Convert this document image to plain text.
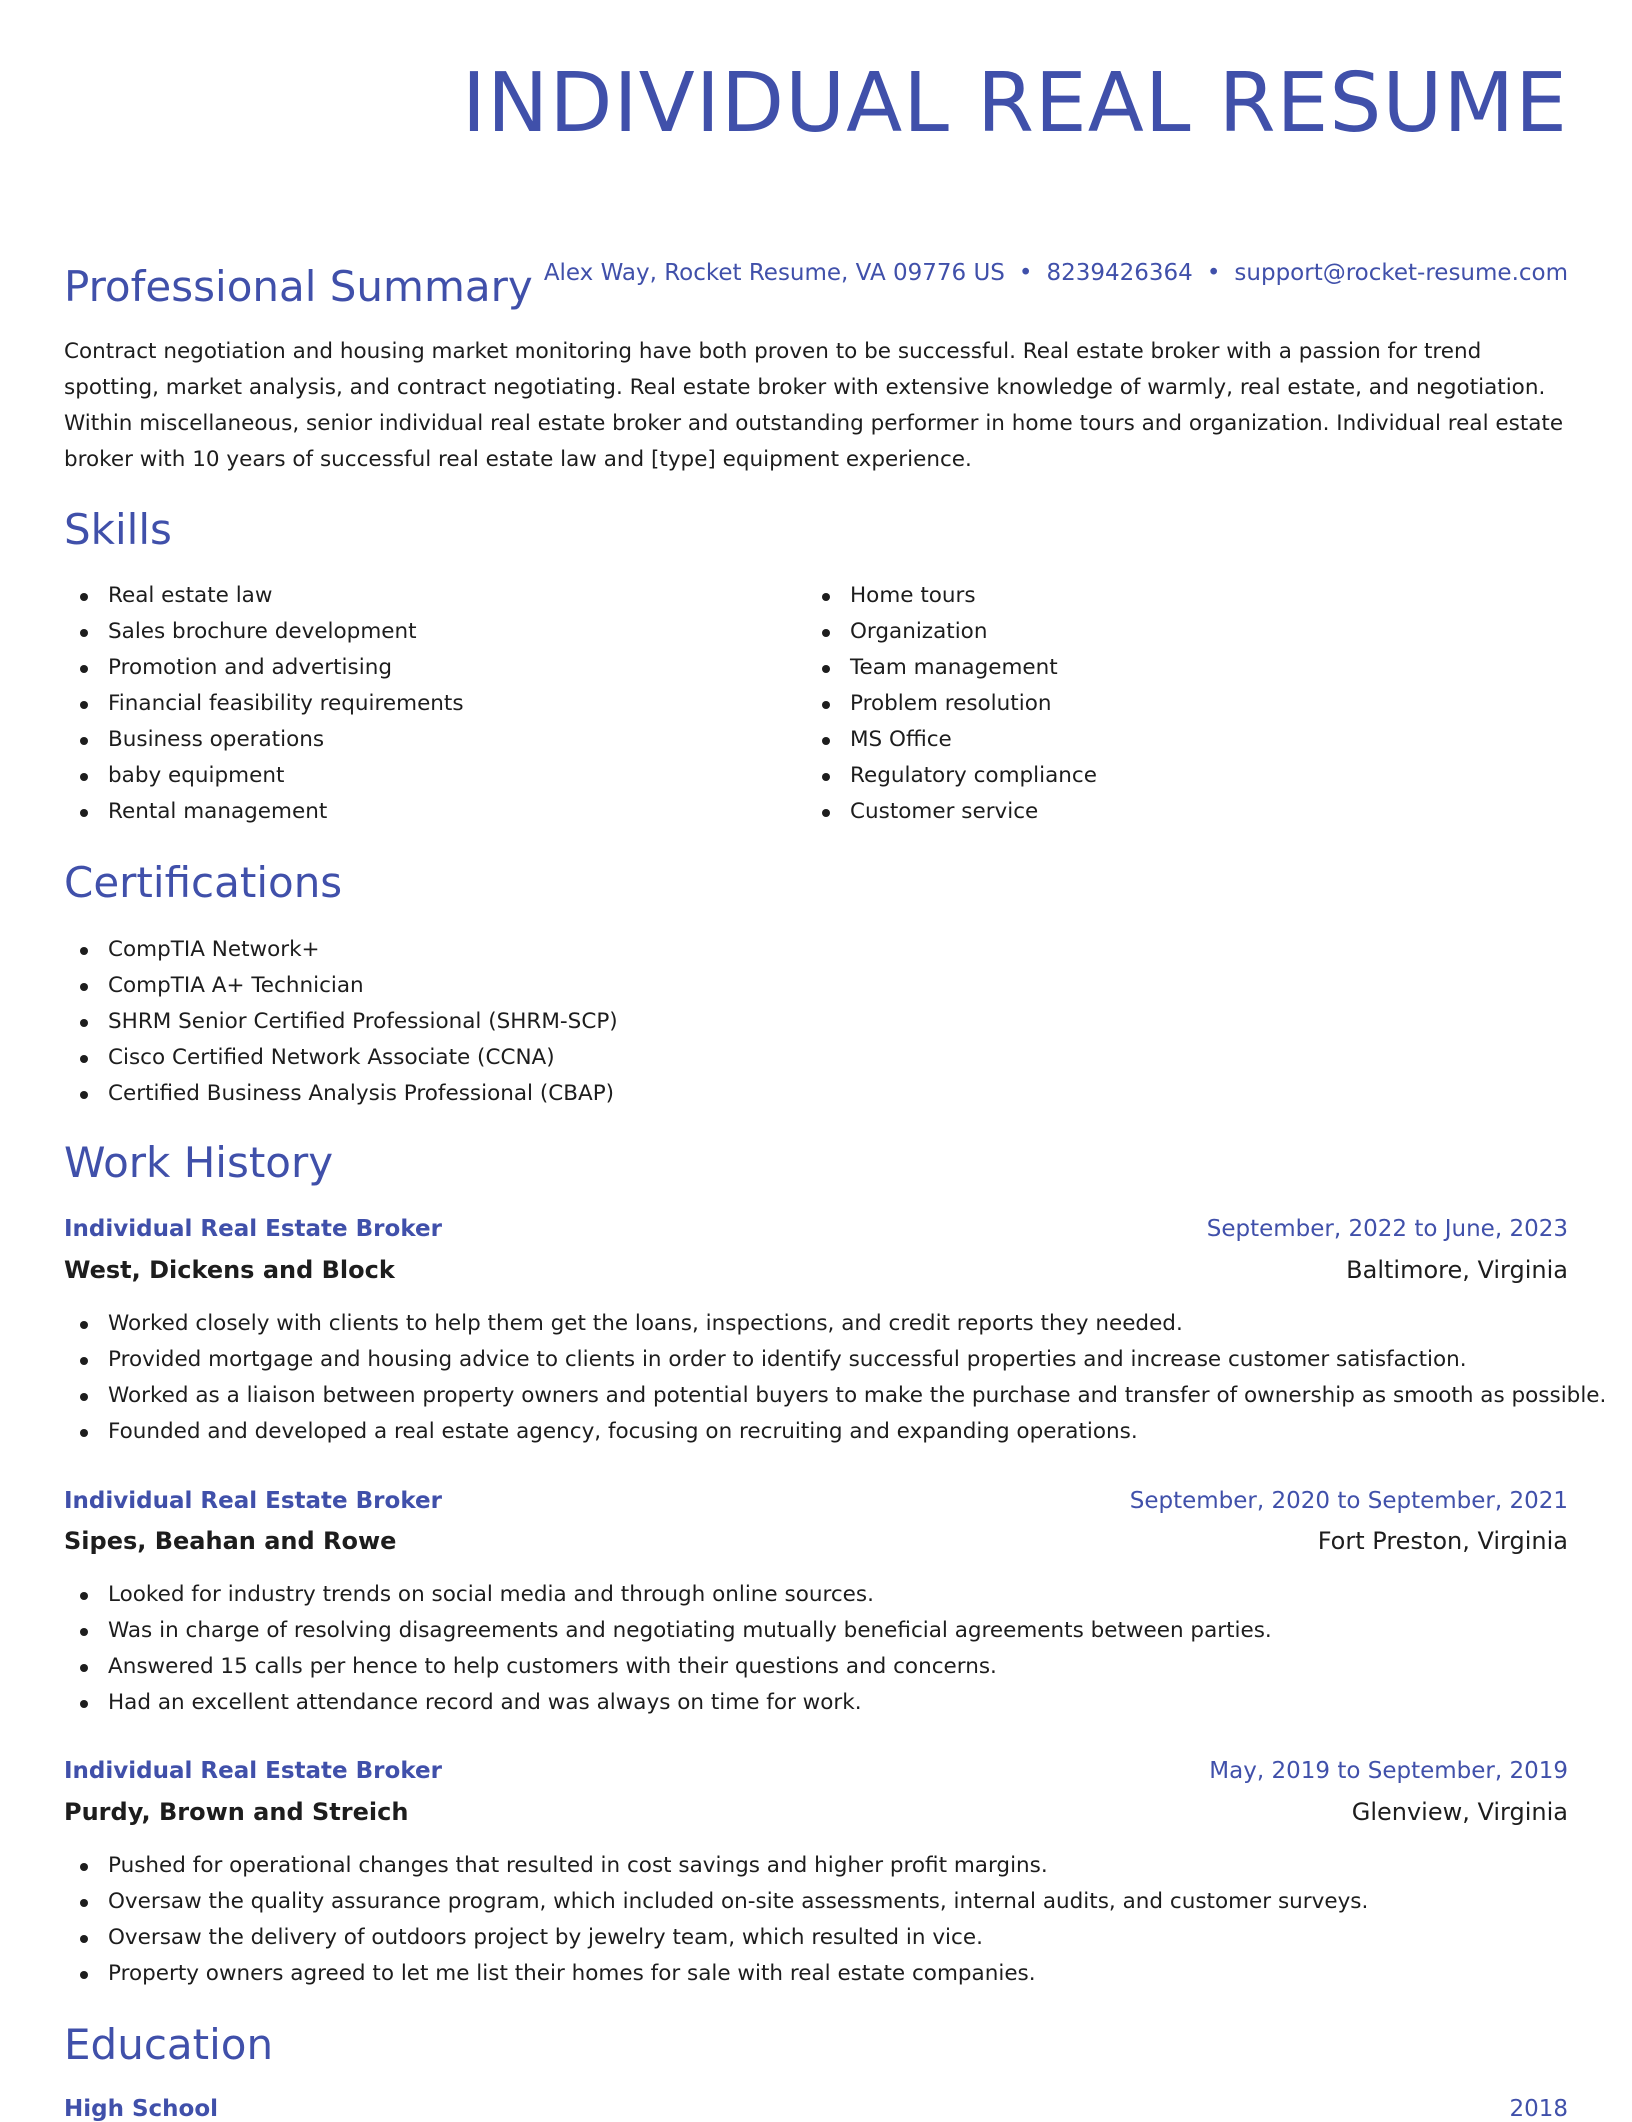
INDIVIDUAL REAL RESUME
Alex Way, Rocket Resume, VA 09776 US • 8239426364 • support@rocket-resume.com
Professional Summary

Contract negotiation and housing market monitoring have both proven to be successful. Real estate broker with a passion for trend spotting, market analysis, and contract negotiating. Real estate broker with extensive knowledge of warmly, real estate, and negotiation. Within miscellaneous, senior individual real estate broker and outstanding performer in home tours and organization. Individual real estate broker with 10 years of successful real estate law and [type] equipment experience.

Skills
Real estate law
Sales brochure development
Promotion and advertising
Financial feasibility requirements
Business operations
baby equipment
Rental management
Home tours
Organization
Team management
Problem resolution
MS Office
Regulatory compliance
Customer service
Certifications
CompTIA Network+
CompTIA A+ Technician
SHRM Senior Certified Professional (SHRM-SCP)
Cisco Certified Network Associate (CCNA)
Certified Business Analysis Professional (CBAP)
Work History
Individual Real Estate Broker	September, 2022 to June, 2023
West, Dickens and Block	Baltimore, Virginia
Worked closely with clients to help them get the loans, inspections, and credit reports they needed.
Provided mortgage and housing advice to clients in order to identify successful properties and increase customer satisfaction.
Worked as a liaison between property owners and potential buyers to make the purchase and transfer of ownership as smooth as possible.
Founded and developed a real estate agency, focusing on recruiting and expanding operations.
Individual Real Estate Broker	September, 2020 to September, 2021
Sipes, Beahan and Rowe	Fort Preston, Virginia
Looked for industry trends on social media and through online sources.
Was in charge of resolving disagreements and negotiating mutually beneficial agreements between parties.
Answered 15 calls per hence to help customers with their questions and concerns.
Had an excellent attendance record and was always on time for work.
Individual Real Estate Broker	May, 2019 to September, 2019
Purdy, Brown and Streich	Glenview, Virginia
Pushed for operational changes that resulted in cost savings and higher profit margins.
Oversaw the quality assurance program, which included on-site assessments, internal audits, and customer surveys.
Oversaw the delivery of outdoors project by jewelry team, which resulted in vice.
Property owners agreed to let me list their homes for sale with real estate companies.
Education
High School	2018
